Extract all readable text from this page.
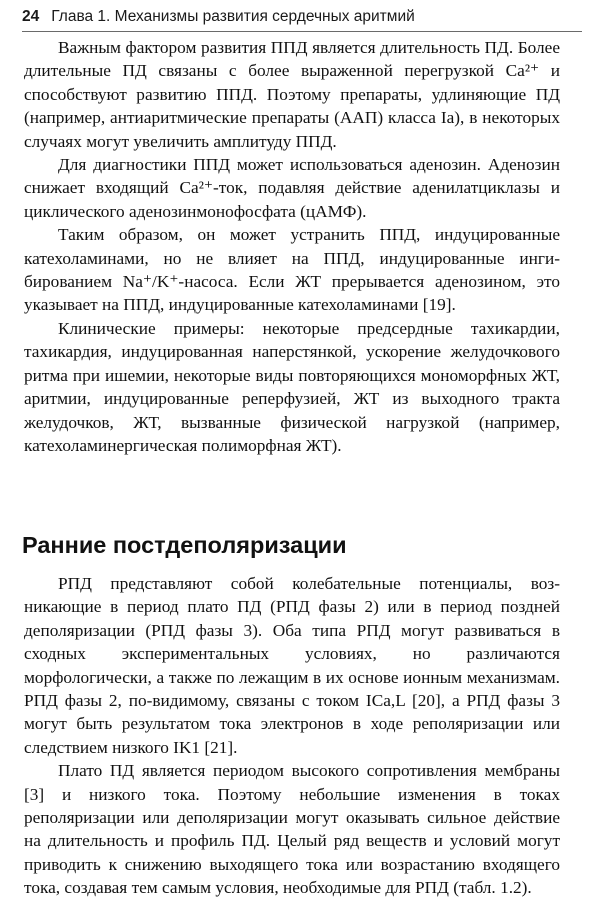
24 Глава 1. Механизмы развития сердечных аритмий

Важным фактором развития ППД является длительность ПД. Более длительные ПД связаны с более выраженной перегрузкой Ca²⁺ и способствуют развитию ППД. Поэтому препараты, удлиняющие ПД (например, антиаритмические препараты (ААП) класса Ia), в некоторых случаях могут увеличить амплитуду ППД.

Для диагностики ППД может использоваться аденозин. Аденозин снижает входящий Ca²⁺-ток, подавляя действие аденилатциклазы и циклического аденозинмонофосфата (цАМФ).

Таким образом, он может устранить ППД, индуцированные катехоламинами, но не влияет на ППД, индуцированные ингибированием Na⁺/K⁺-насоса. Если ЖТ прерывается аденозином, это указывает на ППД, индуцированные катехоламинами [19].

Клинические примеры: некоторые предсердные тахикардии, тахикардия, индуцированная наперстянкой, ускорение желудочкового ритма при ишемии, некоторые виды повторяющихся мономорфных ЖТ, аритмии, индуцированные реперфузией, ЖТ из выходного тракта желудочков, ЖТ, вызванные физической нагрузкой (например, катехоламинергическая полиморфная ЖТ).

Ранние постдеполяризации

РПД представляют собой колебательные потенциалы, возникающие в период плато ПД (РПД фазы 2) или в период поздней деполяризации (РПД фазы 3). Оба типа РПД могут развиваться в сходных экспериментальных условиях, но различаются морфологически, а также по лежащим в их основе ионным механизмам. РПД фазы 2, по-видимому, связаны с током ICa,L [20], а РПД фазы 3 могут быть результатом тока электронов в ходе реполяризации или следствием низкого IK1 [21].

Плато ПД является периодом высокого сопротивления мембраны [3] и низкого тока. Поэтому небольшие изменения в токах реполяризации или деполяризации могут оказывать сильное действие на длительность и профиль ПД. Целый ряд веществ и условий могут приводить к снижению выходящего тока или возрастанию входящего тока, создавая тем самым условия, необходимые для РПД (табл. 1.2).
